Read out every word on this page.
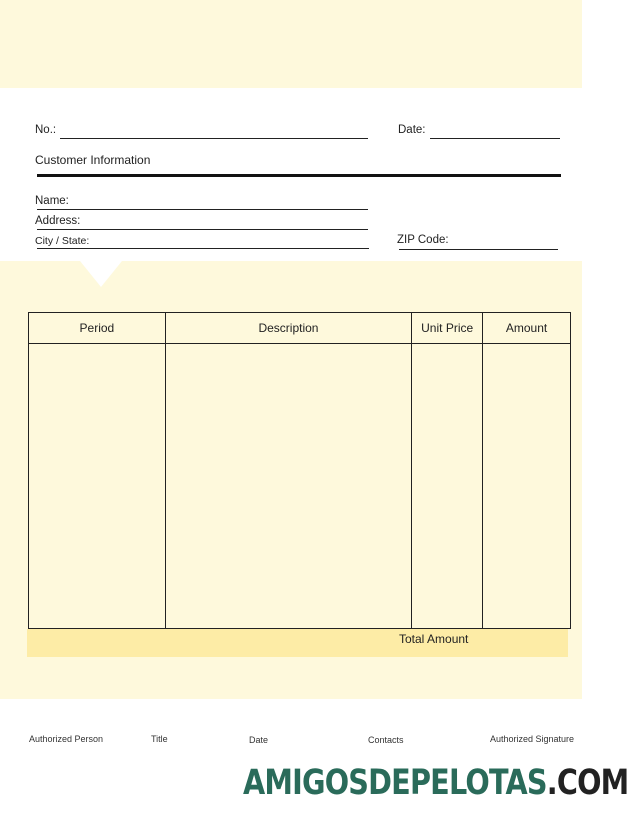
No.:	Date:
Customer Information
Name:
Address:
City / State:	ZIP Code:
Period	Description	Unit Price	Amount

Total Amount
Authorized Person	Title	Date	Contacts	Authorized Signature
AMIGOSDEPELOTAS.COM
